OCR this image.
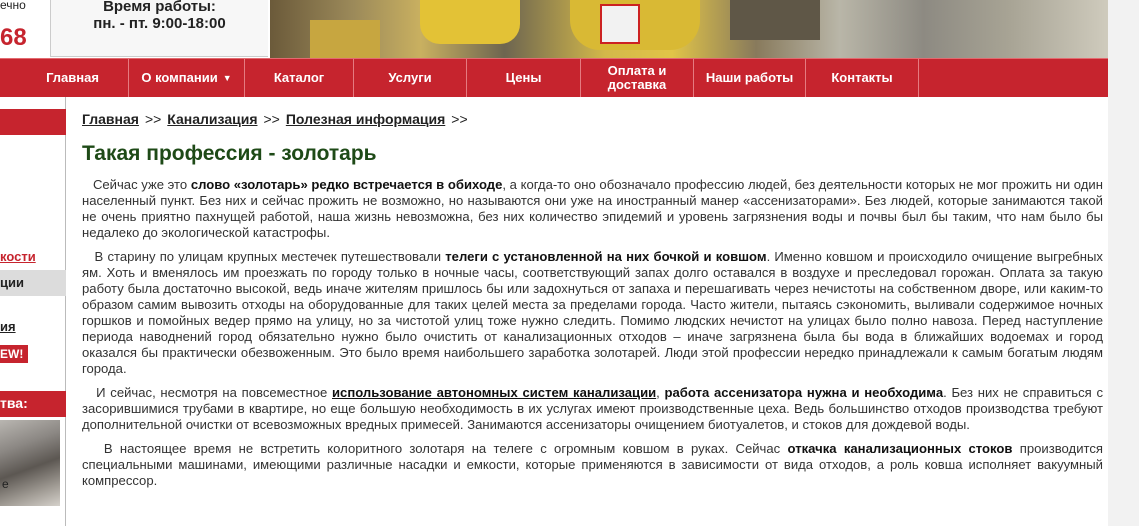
ечно
68
Время работы:
пн. - пт. 9:00-18:00
Главная	О компании ▼	Каталог	Услуги	Цены	Оплата и доставка	Наши работы	Контакты
кости
ции
ия
EW!
тва:
е
Главная >> Канализация >> Полезная информация >>
Такая профессия - золотарь

Сейчас уже это слово «золотарь» редко встречается в обиходе, а когда-то оно обозначало профессию людей, без деятельности которых не мог прожить ни один населенный пункт. Без них и сейчас прожить не возможно, но называются они уже на иностранный манер «ассенизаторами». Без людей, которые занимаются такой не очень приятно пахнущей работой, наша жизнь невозможна, без них количество эпидемий и уровень загрязнения воды и почвы был бы таким, что нам было бы недалеко до экологической катастрофы.

В старину по улицам крупных местечек путешествовали телеги с установленной на них бочкой и ковшом. Именно ковшом и происходило очищение выгребных ям. Хоть и вменялось им проезжать по городу только в ночные часы, соответствующий запах долго оставался в воздухе и преследовал горожан. Оплата за такую работу была достаточно высокой, ведь иначе жителям пришлось бы или задохнуться от запаха и перешагивать через нечистоты на собственном дворе, или каким-то образом самим вывозить отходы на оборудованные для таких целей места за пределами города. Часто жители, пытаясь сэкономить, выливали содержимое ночных горшков и помойных ведер прямо на улицу, но за чистотой улиц тоже нужно следить. Помимо людских нечистот на улицах было полно навоза. Перед наступление периода наводнений город обязательно нужно было очистить от канализационных отходов – иначе загрязнена была бы вода в ближайших водоемах и город оказался бы практически обезвоженным. Это было время наибольшего заработка золотарей. Люди этой профессии нередко принадлежали к самым богатым людям города.

И сейчас, несмотря на повсеместное использование автономных систем канализации, работа ассенизатора нужна и необходима. Без них не справиться с засорившимися трубами в квартире, но еще большую необходимость в их услугах имеют производственные цеха. Ведь большинство отходов производства требуют дополнительной очистки от всевозможных вредных примесей. Занимаются ассенизаторы очищением биотуалетов, и стоков для дождевой воды.

В настоящее время не встретить колоритного золотаря на телеге с огромным ковшом в руках. Сейчас откачка канализационных стоков производится специальными машинами, имеющими различные насадки и емкости, которые применяются в зависимости от вида отходов, а роль ковша исполняет вакуумный компрессор.
